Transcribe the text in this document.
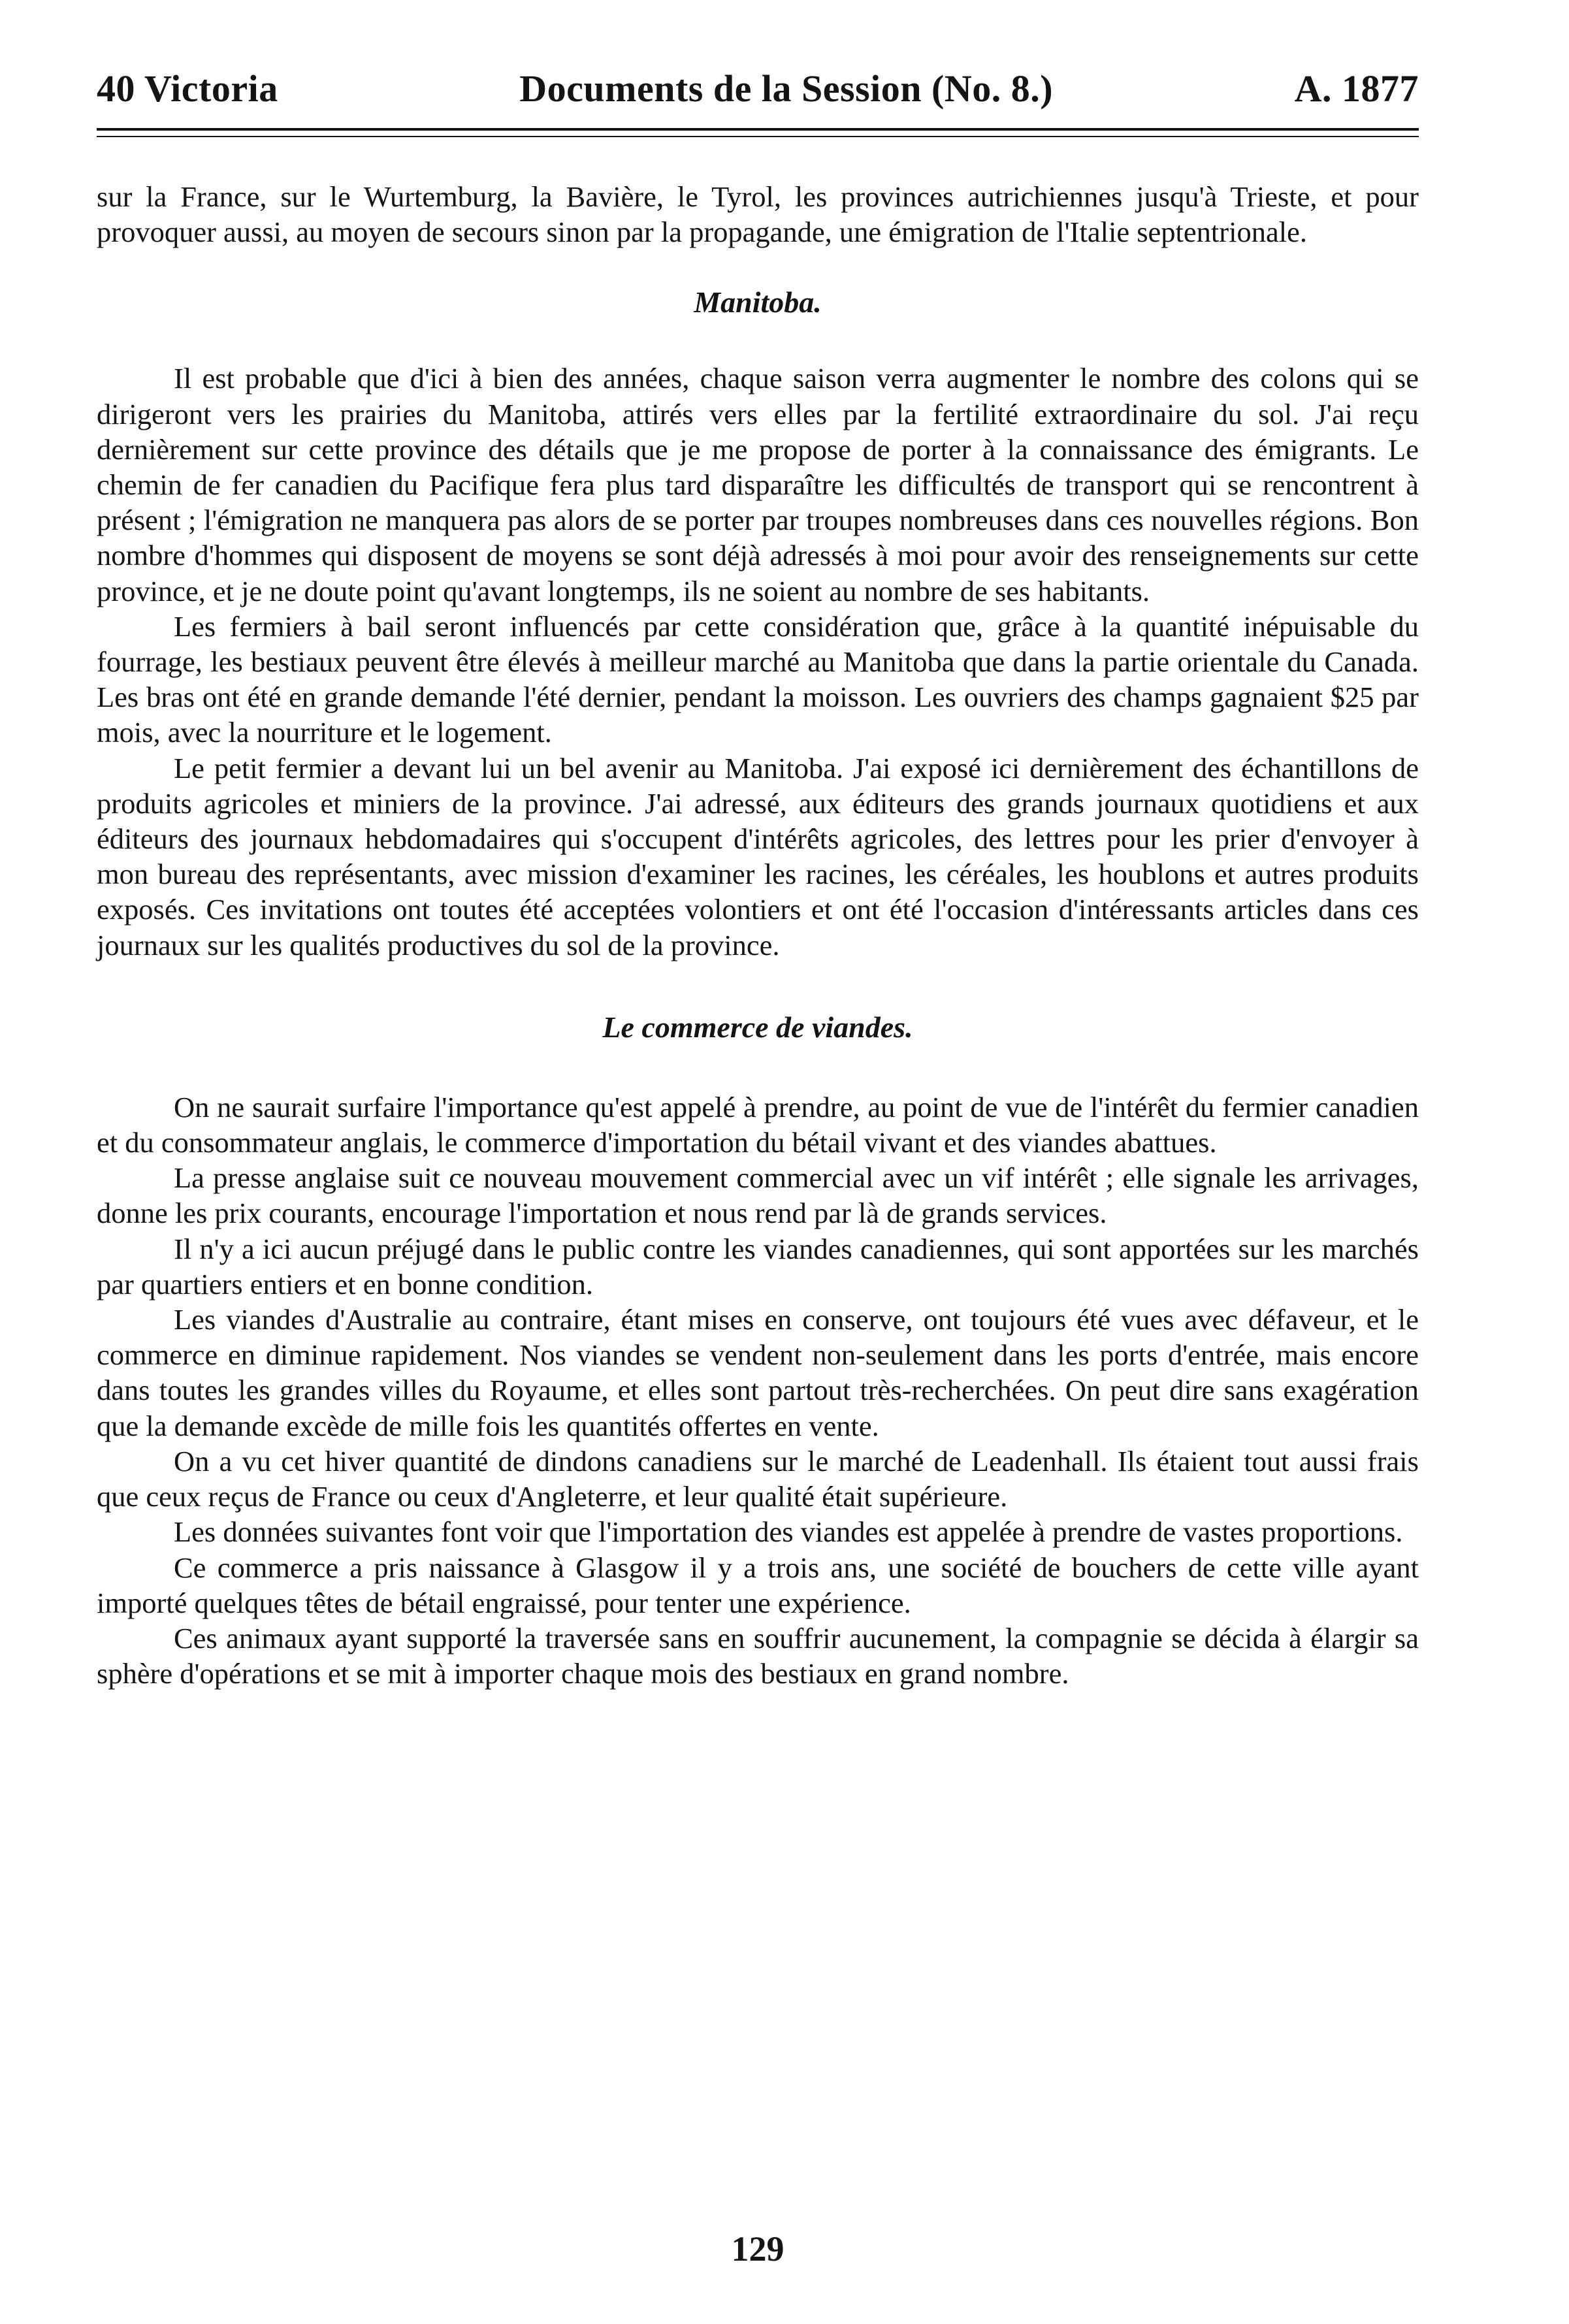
40 Victoria	Documents de la Session (No. 8.)	A. 1877

sur la France, sur le Wurtemburg, la Bavière, le Tyrol, les provinces autrichiennes jusqu'à Trieste, et pour provoquer aussi, au moyen de secours sinon par la propagande, une émigration de l'Italie septentrionale.

Manitoba.

Il est probable que d'ici à bien des années, chaque saison verra augmenter le nombre des colons qui se dirigeront vers les prairies du Manitoba, attirés vers elles par la fertilité extraordinaire du sol. J'ai reçu dernièrement sur cette province des détails que je me propose de porter à la connaissance des émigrants. Le chemin de fer canadien du Pacifique fera plus tard disparaître les difficultés de transport qui se rencontrent à présent ; l'émigration ne manquera pas alors de se porter par troupes nombreuses dans ces nouvelles régions. Bon nombre d'hommes qui disposent de moyens se sont déjà adressés à moi pour avoir des renseignements sur cette province, et je ne doute point qu'avant longtemps, ils ne soient au nombre de ses habitants.

Les fermiers à bail seront influencés par cette considération que, grâce à la quantité inépuisable du fourrage, les bestiaux peuvent être élevés à meilleur marché au Manitoba que dans la partie orientale du Canada. Les bras ont été en grande demande l'été dernier, pendant la moisson. Les ouvriers des champs gagnaient $25 par mois, avec la nourriture et le logement.

Le petit fermier a devant lui un bel avenir au Manitoba. J'ai exposé ici dernièrement des échantillons de produits agricoles et miniers de la province. J'ai adressé, aux éditeurs des grands journaux quotidiens et aux éditeurs des journaux hebdomadaires qui s'occupent d'intérêts agricoles, des lettres pour les prier d'envoyer à mon bureau des représentants, avec mission d'examiner les racines, les céréales, les houblons et autres produits exposés. Ces invitations ont toutes été acceptées volontiers et ont été l'occasion d'intéressants articles dans ces journaux sur les qualités productives du sol de la province.

Le commerce de viandes.

On ne saurait surfaire l'importance qu'est appelé à prendre, au point de vue de l'intérêt du fermier canadien et du consommateur anglais, le commerce d'importation du bétail vivant et des viandes abattues.

La presse anglaise suit ce nouveau mouvement commercial avec un vif intérêt ; elle signale les arrivages, donne les prix courants, encourage l'importation et nous rend par là de grands services.

Il n'y a ici aucun préjugé dans le public contre les viandes canadiennes, qui sont apportées sur les marchés par quartiers entiers et en bonne condition.

Les viandes d'Australie au contraire, étant mises en conserve, ont toujours été vues avec défaveur, et le commerce en diminue rapidement. Nos viandes se vendent non-seulement dans les ports d'entrée, mais encore dans toutes les grandes villes du Royaume, et elles sont partout très-recherchées. On peut dire sans exagération que la demande excède de mille fois les quantités offertes en vente.

On a vu cet hiver quantité de dindons canadiens sur le marché de Leadenhall. Ils étaient tout aussi frais que ceux reçus de France ou ceux d'Angleterre, et leur qualité était supérieure.

Les données suivantes font voir que l'importation des viandes est appelée à prendre de vastes proportions.

Ce commerce a pris naissance à Glasgow il y a trois ans, une société de bouchers de cette ville ayant importé quelques têtes de bétail engraissé, pour tenter une expérience.

Ces animaux ayant supporté la traversée sans en souffrir aucunement, la compagnie se décida à élargir sa sphère d'opérations et se mit à importer chaque mois des bestiaux en grand nombre.

129
